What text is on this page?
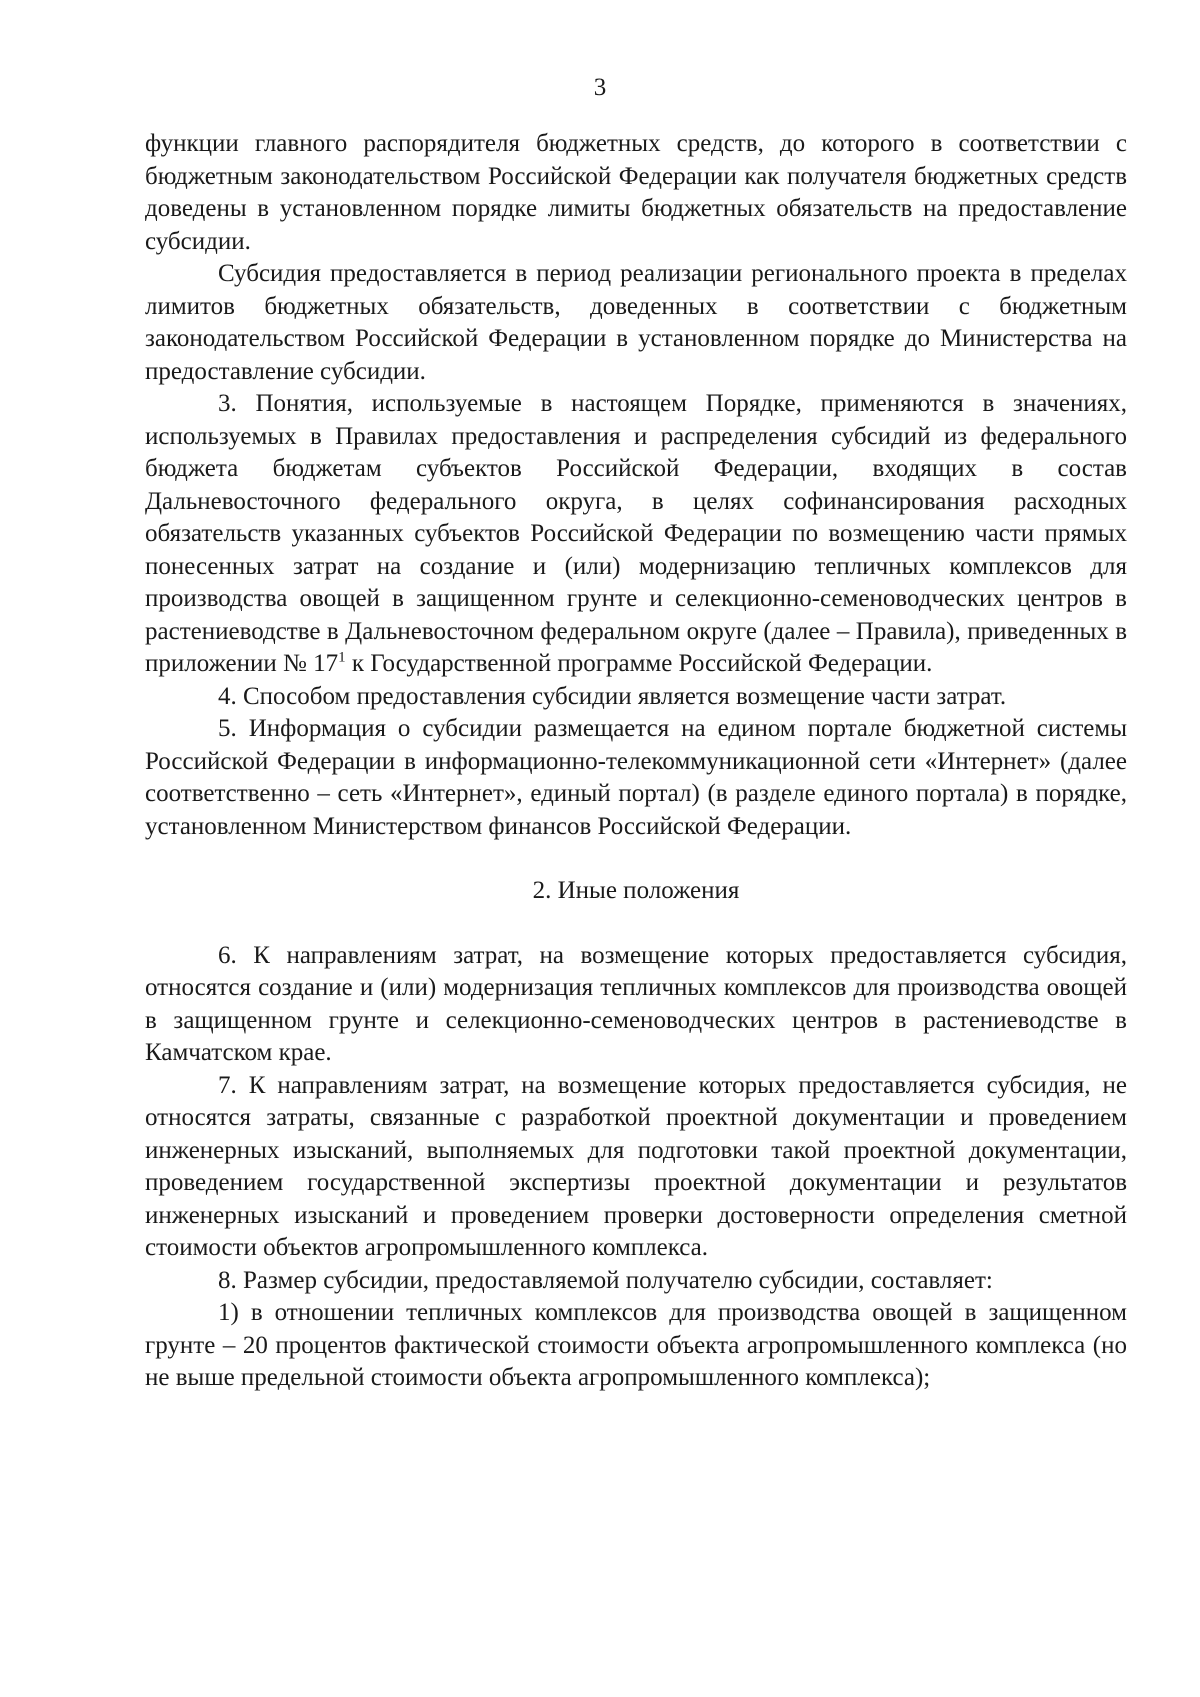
3

функции главного распорядителя бюджетных средств, до которого в соответствии с бюджетным законодательством Российской Федерации как получателя бюджетных средств доведены в установленном порядке лимиты бюджетных обязательств на предоставление субсидии.

Субсидия предоставляется в период реализации регионального проекта в пределах лимитов бюджетных обязательств, доведенных в соответствии с бюджетным законодательством Российской Федерации в установленном порядке до Министерства на предоставление субсидии.

3. Понятия, используемые в настоящем Порядке, применяются в значениях, используемых в Правилах предоставления и распределения субсидий из федерального бюджета бюджетам субъектов Российской Федерации, входящих в состав Дальневосточного федерального округа, в целях софинансирования расходных обязательств указанных субъектов Российской Федерации по возмещению части прямых понесенных затрат на создание и (или) модернизацию тепличных комплексов для производства овощей в защищенном грунте и селекционно-семеноводческих центров в растениеводстве в Дальневосточном федеральном округе (далее – Правила), приведенных в приложении № $17^1$ к Государственной программе Российской Федерации.

4. Способом предоставления субсидии является возмещение части затрат.

5. Информация о субсидии размещается на едином портале бюджетной системы Российской Федерации в информационно-телекоммуникационной сети «Интернет» (далее соответственно – сеть «Интернет», единый портал) (в разделе единого портала) в порядке, установленном Министерством финансов Российской Федерации.

2. Иные положения

6. К направлениям затрат, на возмещение которых предоставляется субсидия, относятся создание и (или) модернизация тепличных комплексов для производства овощей в защищенном грунте и селекционно-семеноводческих центров в растениеводстве в Камчатском крае.

7. К направлениям затрат, на возмещение которых предоставляется субсидия, не относятся затраты, связанные с разработкой проектной документации и проведением инженерных изысканий, выполняемых для подготовки такой проектной документации, проведением государственной экспертизы проектной документации и результатов инженерных изысканий и проведением проверки достоверности определения сметной стоимости объектов агропромышленного комплекса.

8. Размер субсидии, предоставляемой получателю субсидии, составляет:

1) в отношении тепличных комплексов для производства овощей в защищенном грунте – 20 процентов фактической стоимости объекта агропромышленного комплекса (но не выше предельной стоимости объекта агропромышленного комплекса);
